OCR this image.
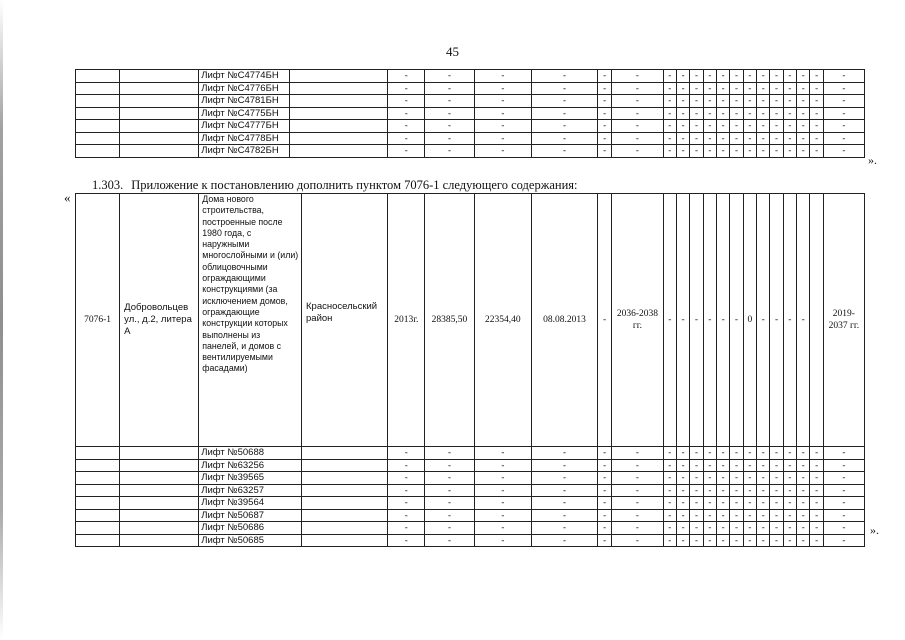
45
		Лифт №С4774БН		-	-	-	-	-	-	-	-	-	-	-	-	-	-	-	-	-	-	-
		Лифт №С4776БН		-	-	-	-	-	-	-	-	-	-	-	-	-	-	-	-	-	-	-
		Лифт №С4781БН		-	-	-	-	-	-	-	-	-	-	-	-	-	-	-	-	-	-	-
		Лифт №С4775БН		-	-	-	-	-	-	-	-	-	-	-	-	-	-	-	-	-	-	-
		Лифт №С4777БН		-	-	-	-	-	-	-	-	-	-	-	-	-	-	-	-	-	-	-
		Лифт №С4778БН		-	-	-	-	-	-	-	-	-	-	-	-	-	-	-	-	-	-	-
		Лифт №С4782БН		-	-	-	-	-	-	-	-	-	-	-	-	-	-	-	-	-	-	-
».
1.303. Приложение к постановлению дополнить пунктом 7076-1 следующего содержания:
«
7076-1	Добровольцев ул., д.2, литера А	Дома нового строительства, построенные после 1980 года, с наружными многослойными и (или) облицовочными ограждающими конструкциями (за исключением домов, ограждающие конструкции которых выполнены из панелей, и домов с вентилируемыми фасадами)	Красносельский район	2013г.	28385,50	22354,40	08.08.2013	-	2036-2038 гг.	-	-	-	-	-	-	0	-	-	-	-		2019-2037 гг.
		Лифт №50688		-	-	-	-	-	-	-	-	-	-	-	-	-	-	-	-	-	-	-
		Лифт №63256		-	-	-	-	-	-	-	-	-	-	-	-	-	-	-	-	-	-	-
		Лифт №39565		-	-	-	-	-	-	-	-	-	-	-	-	-	-	-	-	-	-	-
		Лифт №63257		-	-	-	-	-	-	-	-	-	-	-	-	-	-	-	-	-	-	-
		Лифт №39564		-	-	-	-	-	-	-	-	-	-	-	-	-	-	-	-	-	-	-
		Лифт №50687		-	-	-	-	-	-	-	-	-	-	-	-	-	-	-	-	-	-	-
		Лифт №50686		-	-	-	-	-	-	-	-	-	-	-	-	-	-	-	-	-	-	-
		Лифт №50685		-	-	-	-	-	-	-	-	-	-	-	-	-	-	-	-	-	-	-
».
